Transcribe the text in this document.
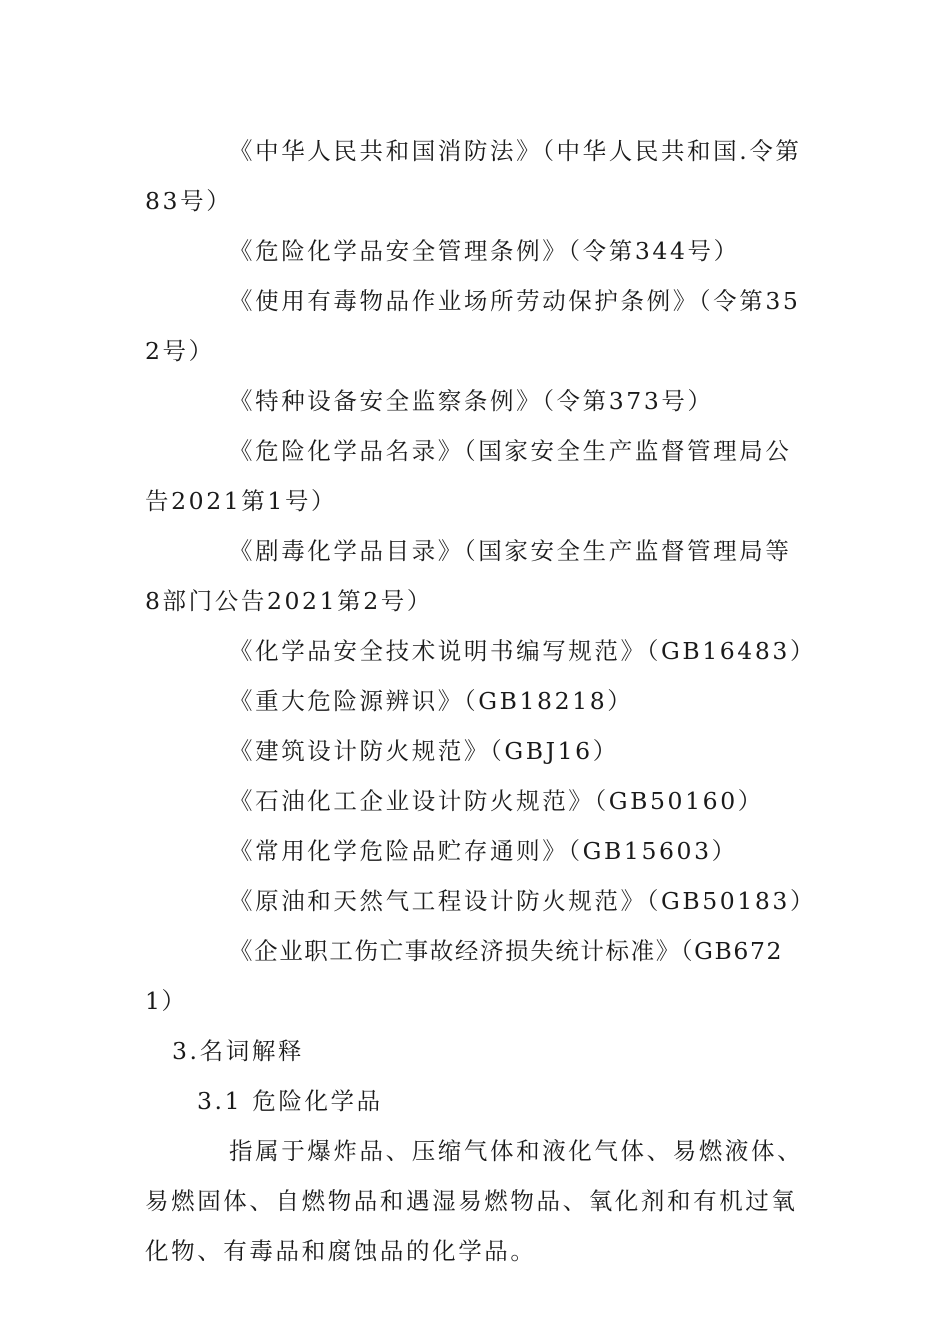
《中华人民共和国消防法》（中华人民共和国.令第83号）

《危险化学品安全管理条例》（令第344号）

《使用有毒物品作业场所劳动保护条例》（令第352号）

《特种设备安全监察条例》（令第373号）

《危险化学品名录》（国家安全生产监督管理局公告2021第1号）

《剧毒化学品目录》（国家安全生产监督管理局等8部门公告2021第2号）

《化学品安全技术说明书编写规范》（GB16483）

《重大危险源辨识》（GB18218）

《建筑设计防火规范》（GBJ16）

《石油化工企业设计防火规范》（GB50160）

《常用化学危险品贮存通则》（GB15603）

《原油和天然气工程设计防火规范》（GB50183）

《企业职工伤亡事故经济损失统计标准》（GB6721）

3.名词解释

3.1 危险化学品

指属于爆炸品、压缩气体和液化气体、易燃液体、易燃固体、自燃物品和遇湿易燃物品、氧化剂和有机过氧化物、有毒品和腐蚀品的化学品。
